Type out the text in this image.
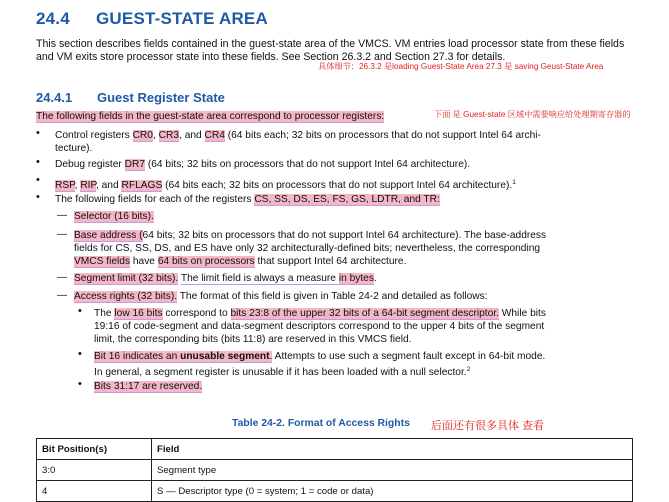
24.4 GUEST-STATE AREA
This section describes fields contained in the guest-state area of the VMCS. VM entries load processor state from these fields and VM exits store processor state into these fields. See Section 26.3.2 and Section 27.3 for details.
具体细节：26.3.2 是loading Guest-State Area 27.3 是 saving Geust-State Area
24.4.1 Guest Register State
The following fields in the guest-state area correspond to processor registers:	下面 是 Guest-state 区域中需要响应给处理期寄存器的
• Control registers CR0, CR3, and CR4 (64 bits each; 32 bits on processors that do not support Intel 64 archi-
tecture).
• Debug register DR7 (64 bits; 32 bits on processors that do not support Intel 64 architecture).
• RSP, RIP, and RFLAGS (64 bits each; 32 bits on processors that do not support Intel 64 architecture).$^1$
• The following fields for each of the registers CS, SS, DS, ES, FS, GS, LDTR, and TR:
— Selector (16 bits).
— Base address (64 bits; 32 bits on processors that do not support Intel 64 architecture). The base-address
fields for CS, SS, DS, and ES have only 32 architecturally-defined bits; nevertheless, the corresponding
VMCS fields have 64 bits on processors that support Intel 64 architecture.
— Segment limit (32 bits). The limit field is always a measure in bytes.
— Access rights (32 bits). The format of this field is given in Table 24-2 and detailed as follows:
• The low 16 bits correspond to bits 23:8 of the upper 32 bits of a 64-bit segment descriptor. While bits
19:16 of code-segment and data-segment descriptors correspond to the upper 4 bits of the segment
limit, the corresponding bits (bits 11:8) are reserved in this VMCS field.
• Bit 16 indicates an unusable segment. Attempts to use such a segment fault except in 64-bit mode.
In general, a segment register is unusable if it has been loaded with a null selector.$^2$
• Bits 31:17 are reserved.
Table 24-2. Format of Access Rights 后面还有很多具体 查看
Bit Position(s)	Field
3:0	Segment type
4	S — Descriptor type (0 = system; 1 = code or data)
